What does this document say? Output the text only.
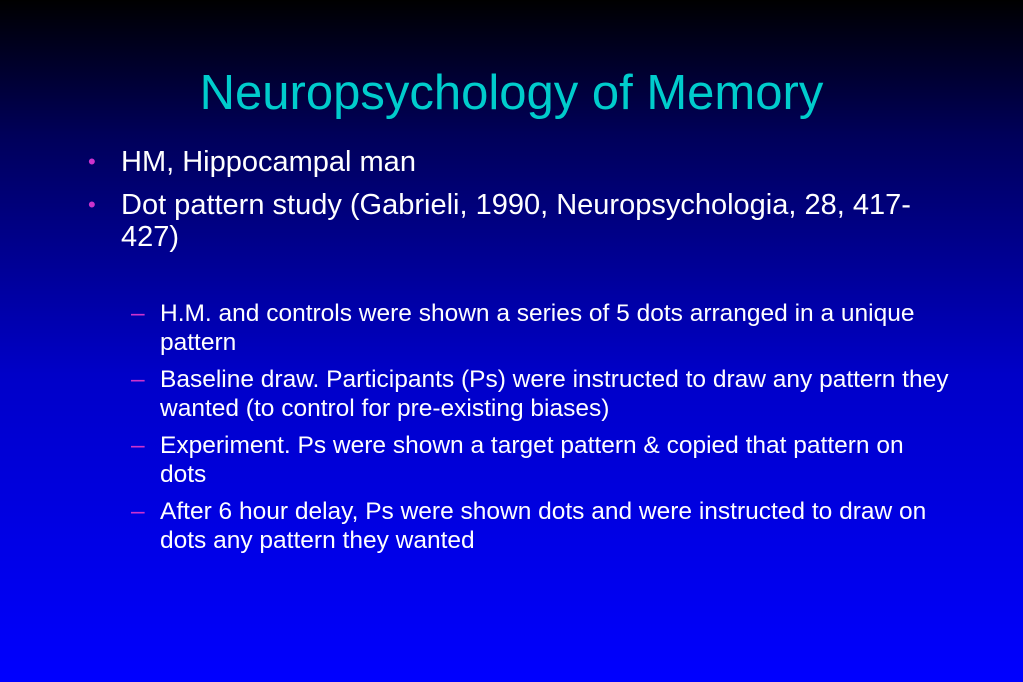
Neuropsychology of Memory
• HM, Hippocampal man
• Dot pattern study (Gabrieli, 1990, Neuropsychologia, 28, 417-427)
– H.M. and controls were shown a series of 5 dots arranged in a unique pattern
– Baseline draw. Participants (Ps) were instructed to draw any pattern they wanted (to control for pre-existing biases)
– Experiment. Ps were shown a target pattern & copied that pattern on dots
– After 6 hour delay, Ps were shown dots and were instructed to draw on dots any pattern they wanted
